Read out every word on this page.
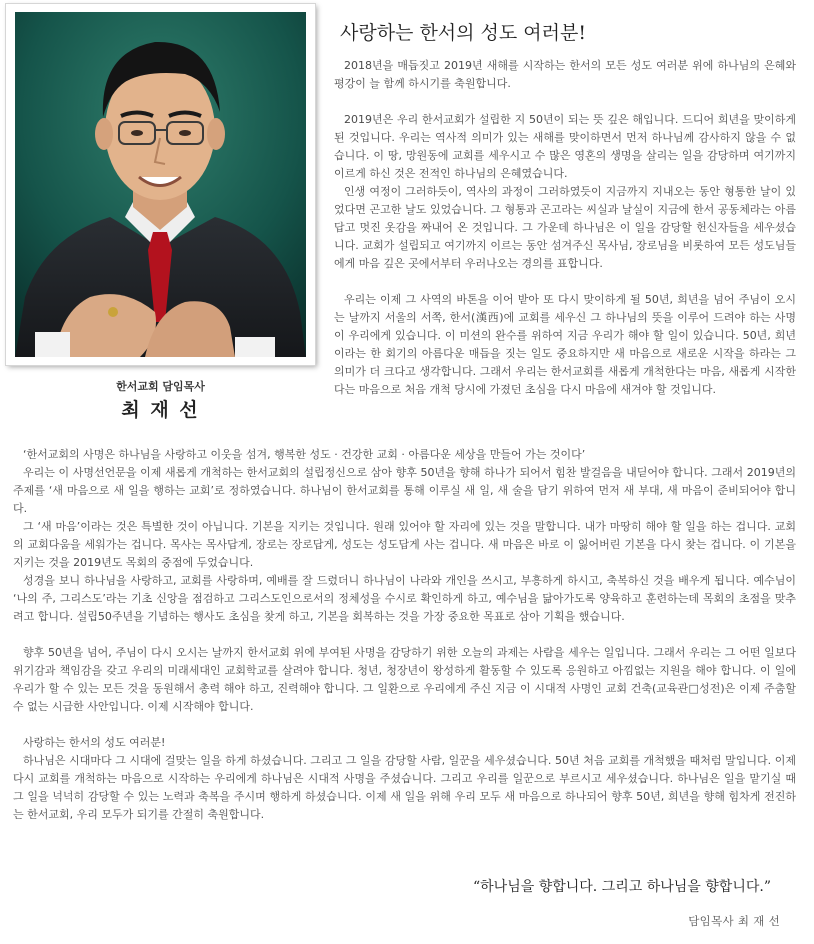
한서교회 담임목사
최 재 선
사랑하는 한서의 성도 여러분!

2018년을 매듭짓고 2019년 새해를 시작하는 한서의 모든 성도 여러분 위에 하나님의 은혜와 평강이 늘 함께 하시기를 축원합니다.

2019년은 우리 한서교회가 설립한 지 50년이 되는 뜻 깊은 해입니다. 드디어 희년을 맞이하게 된 것입니다. 우리는 역사적 의미가 있는 새해를 맞이하면서 먼저 하나님께 감사하지 않을 수 없습니다. 이 땅, 망원동에 교회를 세우시고 수 많은 영혼의 생명을 살리는 일을 감당하며 여기까지 이르게 하신 것은 전적인 하나님의 은혜였습니다.

인생 여정이 그러하듯이, 역사의 과정이 그러하였듯이 지금까지 지내오는 동안 형통한 날이 있었다면 곤고한 날도 있었습니다. 그 형통과 곤고라는 씨실과 날실이 지금에 한서 공동체라는 아름답고 멋진 옷감을 짜내어 온 것입니다. 그 가운데 하나님은 이 일을 감당할 헌신자들을 세우셨습니다. 교회가 설립되고 여기까지 이르는 동안 섬겨주신 목사님, 장로님을 비롯하여 모든 성도님들에게 마음 깊은 곳에서부터 우러나오는 경의를 표합니다.

우리는 이제 그 사역의 바톤을 이어 받아 또 다시 맞이하게 될 50년, 희년을 넘어 주님이 오시는 날까지 서울의 서쪽, 한서(漢西)에 교회를 세우신 그 하나님의 뜻을 이루어 드려야 하는 사명이 우리에게 있습니다. 이 미션의 완수를 위하여 지금 우리가 해야 할 일이 있습니다. 50년, 희년이라는 한 회기의 아름다운 매듭을 짓는 일도 중요하지만 새 마음으로 새로운 시작을 하라는 그 의미가 더 크다고 생각합니다. 그래서 우리는 한서교회를 새롭게 개척한다는 마음, 새롭게 시작한다는 마음으로 처음 개척 당시에 가졌던 초심을 다시 마음에 새겨야 할 것입니다.

‘한서교회의 사명은 하나님을 사랑하고 이웃을 섬겨, 행복한 성도 · 건강한 교회 · 아름다운 세상을 만들어 가는 것이다’

우리는 이 사명선언문을 이제 새롭게 개척하는 한서교회의 설립정신으로 삼아 향후 50년을 향해 하나가 되어서 힘찬 발걸음을 내딛어야 합니다. 그래서 2019년의 주제를 ‘새 마음으로 새 일을 행하는 교회’로 정하였습니다. 하나님이 한서교회를 통해 이루실 새 일, 새 술을 담기 위하여 먼저 새 부대, 새 마음이 준비되어야 합니다.

그 ‘새 마음’이라는 것은 특별한 것이 아닙니다. 기본을 지키는 것입니다. 원래 있어야 할 자리에 있는 것을 말합니다. 내가 마땅히 해야 할 일을 하는 겁니다. 교회의 교회다움을 세워가는 겁니다. 목사는 목사답게, 장로는 장로답게, 성도는 성도답게 사는 겁니다. 새 마음은 바로 이 잃어버린 기본을 다시 찾는 겁니다. 이 기본을 지키는 것을 2019년도 목회의 중점에 두었습니다.

성경을 보니 하나님을 사랑하고, 교회를 사랑하며, 예배를 잘 드렸더니 하나님이 나라와 개인을 쓰시고, 부흥하게 하시고, 축복하신 것을 배우게 됩니다. 예수님이 ‘나의 주, 그리스도’라는 기초 신앙을 점검하고 그리스도인으로서의 정체성을 수시로 확인하게 하고, 예수님을 닮아가도록 양육하고 훈련하는데 목회의 초점을 맞추려고 합니다. 설립50주년을 기념하는 행사도 초심을 찾게 하고, 기본을 회복하는 것을 가장 중요한 목표로 삼아 기획을 했습니다.

향후 50년을 넘어, 주님이 다시 오시는 날까지 한서교회 위에 부여된 사명을 감당하기 위한 오늘의 과제는 사람을 세우는 일입니다. 그래서 우리는 그 어떤 일보다 위기감과 책임감을 갖고 우리의 미래세대인 교회학교를 살려야 합니다. 청년, 청장년이 왕성하게 활동할 수 있도록 응원하고 아낌없는 지원을 해야 합니다. 이 일에 우리가 할 수 있는 모든 것을 동원해서 총력 해야 하고, 진력해야 합니다. 그 일환으로 우리에게 주신 지금 이 시대적 사명인 교회 건축(교육관□성전)은 이제 주춤할 수 없는 시급한 사안입니다. 이제 시작해야 합니다.

사랑하는 한서의 성도 여러분!

하나님은 시대마다 그 시대에 걸맞는 일을 하게 하셨습니다. 그리고 그 일을 감당할 사람, 일꾼을 세우셨습니다. 50년 처음 교회를 개척했을 때처럼 말입니다. 이제 다시 교회를 개척하는 마음으로 시작하는 우리에게 하나님은 시대적 사명을 주셨습니다. 그리고 우리를 일꾼으로 부르시고 세우셨습니다. 하나님은 일을 맡기실 때 그 일을 넉넉히 감당할 수 있는 노력과 축복을 주시며 행하게 하셨습니다. 이제 새 일을 위해 우리 모두 새 마음으로 하나되어 향후 50년, 희년을 향해 힘차게 전진하는 한서교회, 우리 모두가 되기를 간절히 축원합니다.

“하나님을 향합니다. 그리고 하나님을 향합니다.”
담임목사 최 재 선
